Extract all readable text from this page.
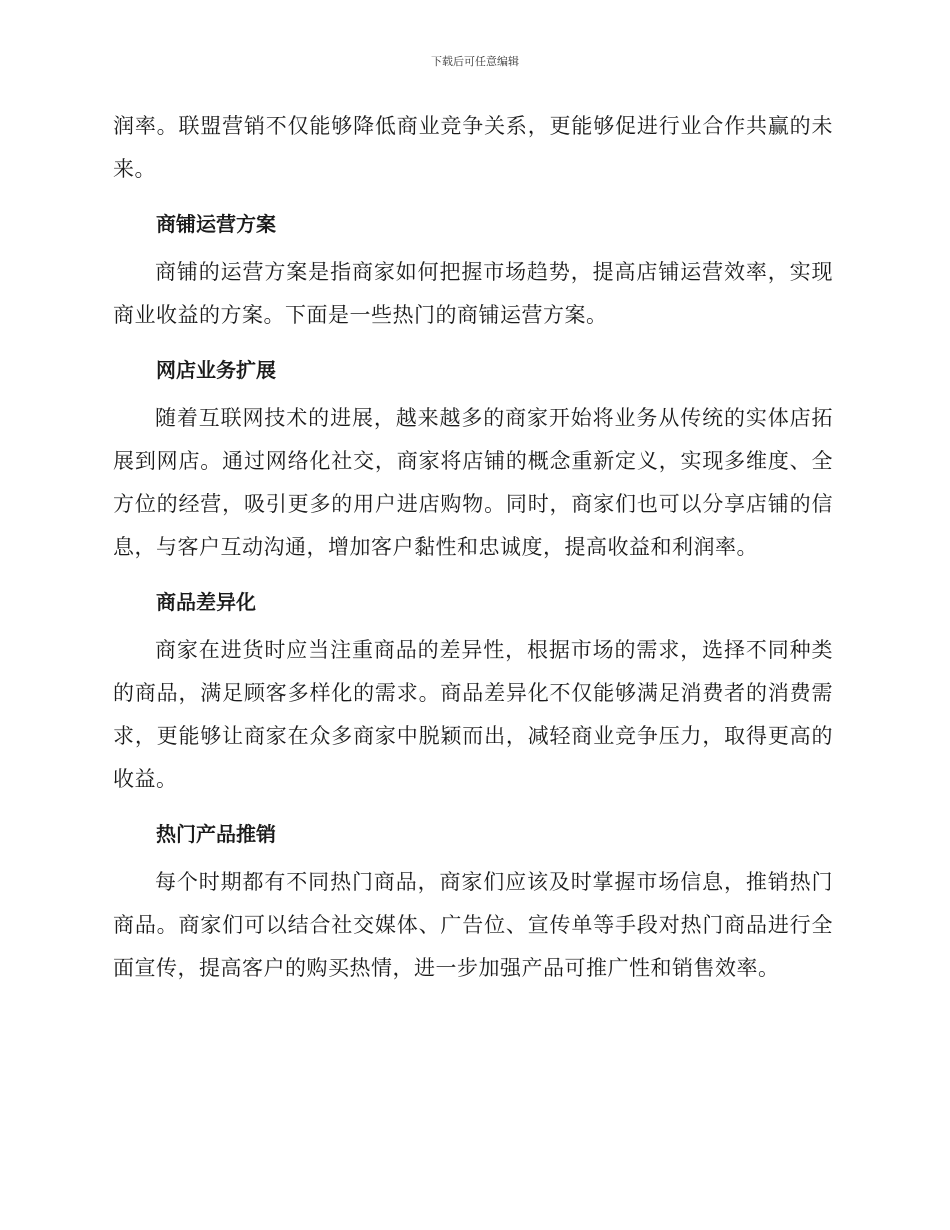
下载后可任意编辑

润率。联盟营销不仅能够降低商业竞争关系，更能够促进行业合作共赢的未来。

商铺运营方案

商铺的运营方案是指商家如何把握市场趋势，提高店铺运营效率，实现商业收益的方案。下面是一些热门的商铺运营方案。

网店业务扩展

随着互联网技术的进展，越来越多的商家开始将业务从传统的实体店拓展到网店。通过网络化社交，商家将店铺的概念重新定义，实现多维度、全方位的经营，吸引更多的用户进店购物。同时，商家们也可以分享店铺的信息，与客户互动沟通，增加客户黏性和忠诚度，提高收益和利润率。

商品差异化

商家在进货时应当注重商品的差异性，根据市场的需求，选择不同种类的商品，满足顾客多样化的需求。商品差异化不仅能够满足消费者的消费需求，更能够让商家在众多商家中脱颖而出，减轻商业竞争压力，取得更高的收益。

热门产品推销

每个时期都有不同热门商品，商家们应该及时掌握市场信息，推销热门商品。商家们可以结合社交媒体、广告位、宣传单等手段对热门商品进行全面宣传，提高客户的购买热情，进一步加强产品可推广性和销售效率。
